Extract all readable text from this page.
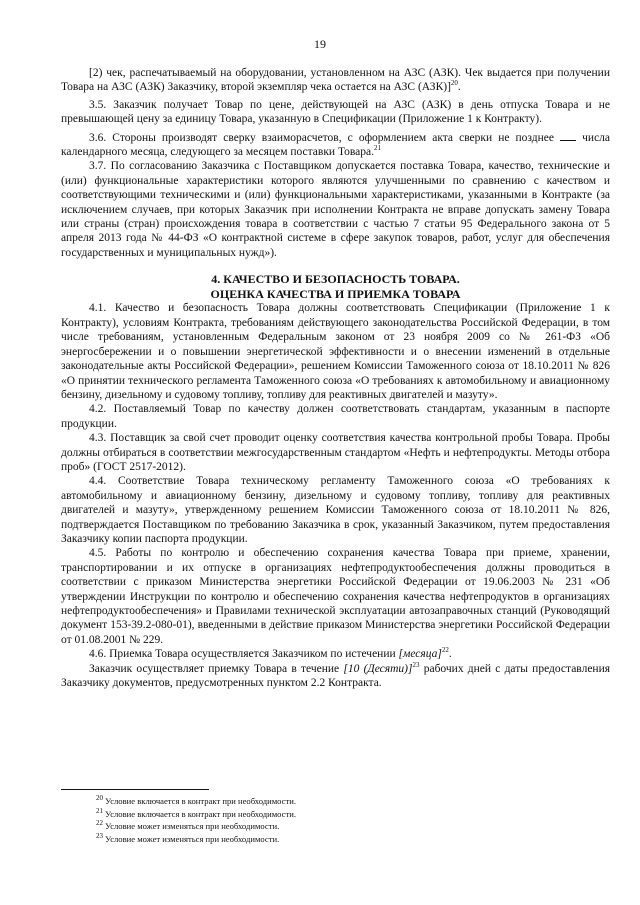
19

[2) чек, распечатываемый на оборудовании, установленном на АЗС (АЗК). Чек выдается при получении Товара на АЗС (АЗК) Заказчику, второй экземпляр чека остается на АЗС (АЗК)]$^{20}$.

3.5. Заказчик получает Товар по цене, действующей на АЗС (АЗК) в день отпуска Товара и не превышающей цену за единицу Товара, указанную в Спецификации (Приложение 1 к Контракту).

3.6. Стороны производят сверку взаиморасчетов, с оформлением акта сверки не позднее числа календарного месяца, следующего за месяцем поставки Товара.$^{21}$

3.7. По согласованию Заказчика с Поставщиком допускается поставка Товара, качество, технические и (или) функциональные характеристики которого являются улучшенными по сравнению с качеством и соответствующими техническими и (или) функциональными характеристиками, указанными в Контракте (за исключением случаев, при которых Заказчик при исполнении Контракта не вправе допускать замену Товара или страны (стран) происхождения товара в соответствии с частью 7 статьи 95 Федерального закона от 5 апреля 2013 года № 44-ФЗ «О контрактной системе в сфере закупок товаров, работ, услуг для обеспечения государственных и муниципальных нужд»).

4. КАЧЕСТВО И БЕЗОПАСНОСТЬ ТОВАРА.
ОЦЕНКА КАЧЕСТВА И ПРИЕМКА ТОВАРА

4.1. Качество и безопасность Товара должны соответствовать Спецификации (Приложение 1 к Контракту), условиям Контракта, требованиям действующего законодательства Российской Федерации, в том числе требованиям, установленным Федеральным законом от 23 ноября 2009 со № 261-ФЗ «Об энергосбережении и о повышении энергетической эффективности и о внесении изменений в отдельные законодательные акты Российской Федерации», решением Комиссии Таможенного союза от 18.10.2011 № 826 «О принятии технического регламента Таможенного союза «О требованиях к автомобильному и авиационному бензину, дизельному и судовому топливу, топливу для реактивных двигателей и мазуту».

4.2. Поставляемый Товар по качеству должен соответствовать стандартам, указанным в паспорте продукции.

4.3. Поставщик за свой счет проводит оценку соответствия качества контрольной пробы Товара. Пробы должны отбираться в соответствии межгосударственным стандартом «Нефть и нефтепродукты. Методы отбора проб» (ГОСТ 2517-2012).

4.4. Соответствие Товара техническому регламенту Таможенного союза «О требованиях к автомобильному и авиационному бензину, дизельному и судовому топливу, топливу для реактивных двигателей и мазуту», утвержденному решением Комиссии Таможенного союза от 18.10.2011 № 826, подтверждается Поставщиком по требованию Заказчика в срок, указанный Заказчиком, путем предоставления Заказчику копии паспорта продукции.

4.5. Работы по контролю и обеспечению сохранения качества Товара при приеме, хранении, транспортировании и их отпуске в организациях нефтепродуктообеспечения должны проводиться в соответствии с приказом Министерства энергетики Российской Федерации от 19.06.2003 № 231 «Об утверждении Инструкции по контролю и обеспечению сохранения качества нефтепродуктов в организациях нефтепродуктообеспечения» и Правилами технической эксплуатации автозаправочных станций (Руководящий документ 153-39.2-080-01), введенными в действие приказом Министерства энергетики Российской Федерации от 01.08.2001 № 229.

4.6. Приемка Товара осуществляется Заказчиком по истечении [месяца]$^{22}$.

Заказчик осуществляет приемку Товара в течение [10 (Десяти)]$^{23}$ рабочих дней с даты предоставления Заказчику документов, предусмотренных пунктом 2.2 Контракта.

$^{20}$ Условие включается в контракт при необходимости.
$^{21}$ Условие включается в контракт при необходимости.
$^{22}$ Условие может изменяться при необходимости.
$^{23}$ Условие может изменяться при необходимости.
